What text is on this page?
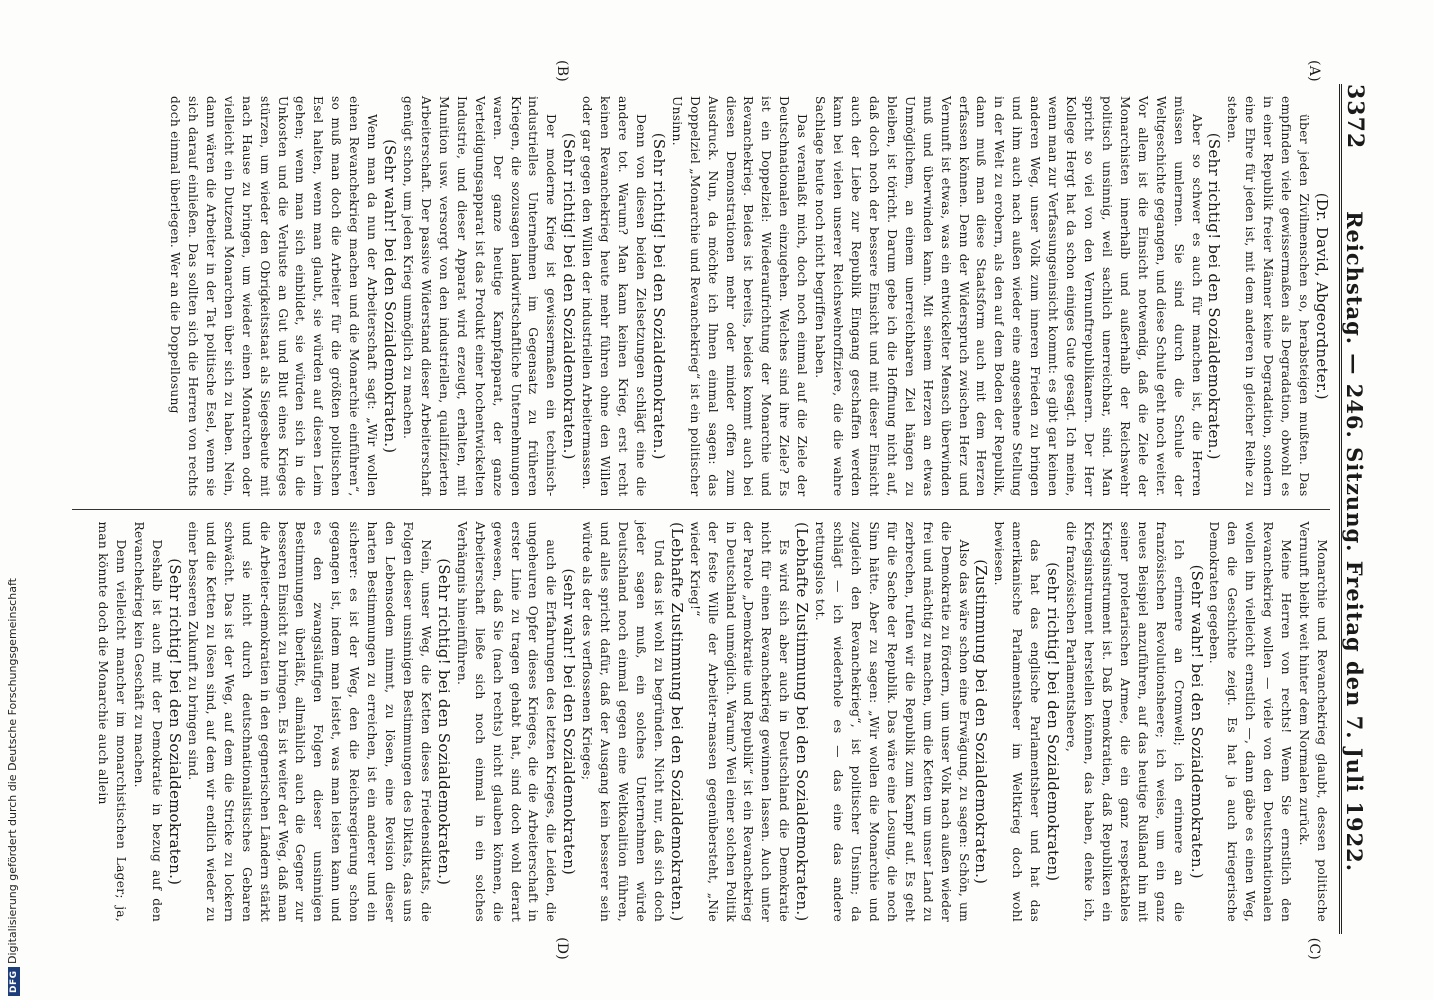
3372
Reichstag. — 246. Sitzung. Freitag den 7. Juli 1922.
(A)
(B)

(Dr. David, Abgeordneter.)

über jeden Zivilmenschen so, herabsteigen mußten. Das empfinden viele gewissermaßen als Degradation, obwohl es in einer Republik freier Männer keine Degradation, sondern eine Ehre für jeden ist, mit dem anderen in gleicher Reihe zu stehen.

(Sehr richtig! bei den Sozialdemokraten.)

Aber so schwer es auch für manchen ist, die Herren müssen umlernen. Sie sind durch die Schule der Weltgeschichte gegangen, und diese Schule geht noch weiter. Vor allem ist die Einsicht notwendig, daß die Ziele der Monarchisten innerhalb und außerhalb der Reichswehr politisch unsinnig, weil sachlich unerreichbar, sind. Man spricht so viel von den Vernunftrepublikanern. Der Herr Kollege Hergt hat da schon einiges Gute gesagt. Ich meine, wenn man zur Verfassungseinsicht kommt: es gibt gar keinen anderen Weg, unser Volk zum inneren Frieden zu bringen und ihm auch nach außen wieder eine angesehene Stellung in der Welt zu erobern, als den auf dem Boden der Republik, dann muß man diese Staatsform auch mit dem Herzen erfassen können. Denn der Widerspruch zwischen Herz und Vernunft ist etwas, was ein entwickelter Mensch überwinden muß und überwinden kann. Mit seinem Herzen an etwas Unmöglichem, an einem unerreichbaren Ziel hängen zu bleiben, ist töricht. Darum gebe ich die Hoffnung nicht auf, daß doch noch der bessere Einsicht und mit dieser Einsicht auch der Liebe zur Republik Eingang geschaffen werden kann bei vielen unserer Reichswehroffiziere, die die wahre Sachlage heute noch nicht begriffen haben.

Das veranlaßt mich, doch noch einmal auf die Ziele der Deutschnationalen einzugehen. Welches sind ihre Ziele? Es ist ein Doppelziel: Wiederaufrichtung der Monarchie und Revanchekrieg. Beides ist bereits, beides kommt auch bei diesen Demonstrationen mehr oder minder offen zum Ausdruck. Nun, da möchte ich Ihnen einmal sagen: das Doppelziel „Monarchie und Revanchekrieg“ ist ein politischer Unsinn.

(Sehr richtig! bei den Sozialdemokraten.)

Denn von diesen beiden Zielsetzungen schlägt eine die andere tot. Warum? Man kann keinen Krieg, erst recht keinen Revanchekrieg heute mehr führen ohne den Willen oder gar gegen den Willen der industriellen Arbeitermassen.

(Sehr richtig! bei den Sozialdemokraten.)

Der moderne Krieg ist gewissermaßen ein technisch-industrielles Unternehmen im Gegensatz zu früheren Kriegen, die sozusagen landwirtschaftliche Unternehmungen waren. Der ganze heutige Kampfapparat, der ganze Verteidigungsapparat ist das Produkt einer hochentwickelten Industrie, und dieser Apparat wird erzeugt, erhalten, mit Munition usw. versorgt von den industriellen, qualifizierten Arbeiterschaft. Der passive Widerstand dieser Arbeiterschaft genügt schon, um jeden Krieg unmöglich zu machen.

(Sehr wahr! bei den Sozialdemokraten.)

Wenn man da nun der Arbeiterschaft sagt: „Wir wollen einen Revanchekrieg machen und die Monarchie einführen“, so muß man doch die Arbeiter für die größten politischen Esel halten, wenn man glaubt, sie würden auf diesen Leim gehen; wenn man sich einbildet, sie würden sich in die Unkosten und die Verluste an Gut und Blut eines Krieges stürzen, um wieder den Obrigkeitsstaat als Siegesbeute mit nach Hause zu bringen, um wieder einen Monarchen oder vielleicht ein Dutzend Monarchen über sich zu haben. Nein, dann wären die Arbeiter in der Tat politische Esel, wenn sie sich darauf einließen. Das sollten sich die Herren von rechts doch einmal überlegen. Wer an die Doppellosung

(C)
(D)

Monarchie und Revanchekrieg glaubt, dessen politische Vernunft bleibt weit hinter dem Normalen zurück.

Meine Herren von rechts! Wenn Sie ernstlich den Revanchekrieg wollen — viele von den Deutschnationalen wollen ihn vielleicht ernstlich —, dann gäbe es einen Weg, den die Geschichte zeigt. Es hat ja auch kriegerische Demokraten gegeben.

(Sehr wahr! bei den Sozialdemokraten.)

Ich erinnere an Cromwell; ich erinnere an die französischen Revolutionsheere; ich weise, um ein ganz neues Beispiel anzuführen, auf das heutige Rußland hin mit seiner proletarischen Armee, die ein ganz respektables Kriegsinstrument ist. Daß Demokratien, daß Republiken ein Kriegsinstrument herstellen können, das haben, denke ich, die französischen Parlamentsheere,

(sehr richtig! bei den Sozialdemokraten)

das hat das englische Parlamentsheer und hat das amerikanische Parlamentsheer im Weltkrieg doch wohl bewiesen.

(Zustimmung bei den Sozialdemokraten.)

Also das wäre schon eine Erwägung, zu sagen: Schön, um die Demokratie zu fördern, um unser Volk nach außen wieder frei und mächtig zu machen, um die Ketten um unser Land zu zerbrechen, rufen wir die Republik zum Kampf auf. Es geht für die Sache der Republik. Das wäre eine Losung, die noch Sinn hätte. Aber zu sagen: „Wir wollen die Monarchie und zugleich den Revanchekrieg“, ist politischer Unsinn; da schlägt — ich wiederhole es — das eine das andere rettungslos tot.

(Lebhafte Zustimmung bei den Sozialdemokraten.)

Es wird sich aber auch in Deutschland die Demokratie nicht für einen Revanchekrieg gewinnen lassen. Auch unter der Parole „Demokratie und Republik“ ist ein Revanchekrieg in Deutschland unmöglich. Warum? Weil einer solchen Politik der feste Wille der Arbeiter-massen gegenübersteht, „Nie wieder Krieg!“

(Lebhafte Zustimmung bei den Sozialdemokraten.)

Und das ist wohl zu begründen. Nicht nur, daß sich doch jeder sagen muß, ein solches Unternehmen würde Deutschland noch einmal gegen eine Weltkoalition führen, und alles spricht dafür, daß der Ausgang kein besserer sein würde als der des verflossenen Krieges;

(sehr wahr! bei den Sozialdemokraten)

auch die Erfahrungen des letzten Krieges, die Leiden, die ungeheuren Opfer dieses Krieges, die die Arbeiterschaft in erster Linie zu tragen gehabt hat, sind doch wohl derart gewesen, daß Sie (nach rechts) nicht glauben können, die Arbeiterschaft ließe sich noch einmal in ein solches Verhängnis hineinführen.

(Sehr richtig! bei den Sozialdemokraten.)

Nein, unser Weg, die Ketten dieses Friedensdiktats, die Folgen dieser unsinnigen Bestimmungen des Diktats, das uns den Lebensodem nimmt, zu lösen, eine Revision dieser harten Bestimmungen zu erreichen, ist ein anderer und ein sicherer: es ist der Weg, den die Reichsregierung schon gegangen ist, indem man leistet, was man leisten kann und es den zwangsläufigen Folgen dieser unsinnigen Bestimmungen überläßt, allmählich auch die Gegner zur besseren Einsicht zu bringen. Es ist weiter der Weg, daß man die Arbeiter-demokratien in den gegnerischen Ländern stärkt und sie nicht durch deutschnationalistisches Gebaren schwächt. Das ist der Weg, auf dem die Stricke zu lockern und die Ketten zu lösen sind, auf dem wir endlich wieder zu einer besseren Zukunft zu bringen sind.

(Sehr richtig! bei den Sozialdemokraten.)

Deshalb ist auch mit der Demokratie in bezug auf den Revanchekrieg kein Geschäft zu machen.

Denn vielleicht mancher im monarchistischen Lager; ja, man könnte doch die Monarchie auch allein

DFG Digitalisierung gefördert durch die Deutsche Forschungsgemeinschaft
